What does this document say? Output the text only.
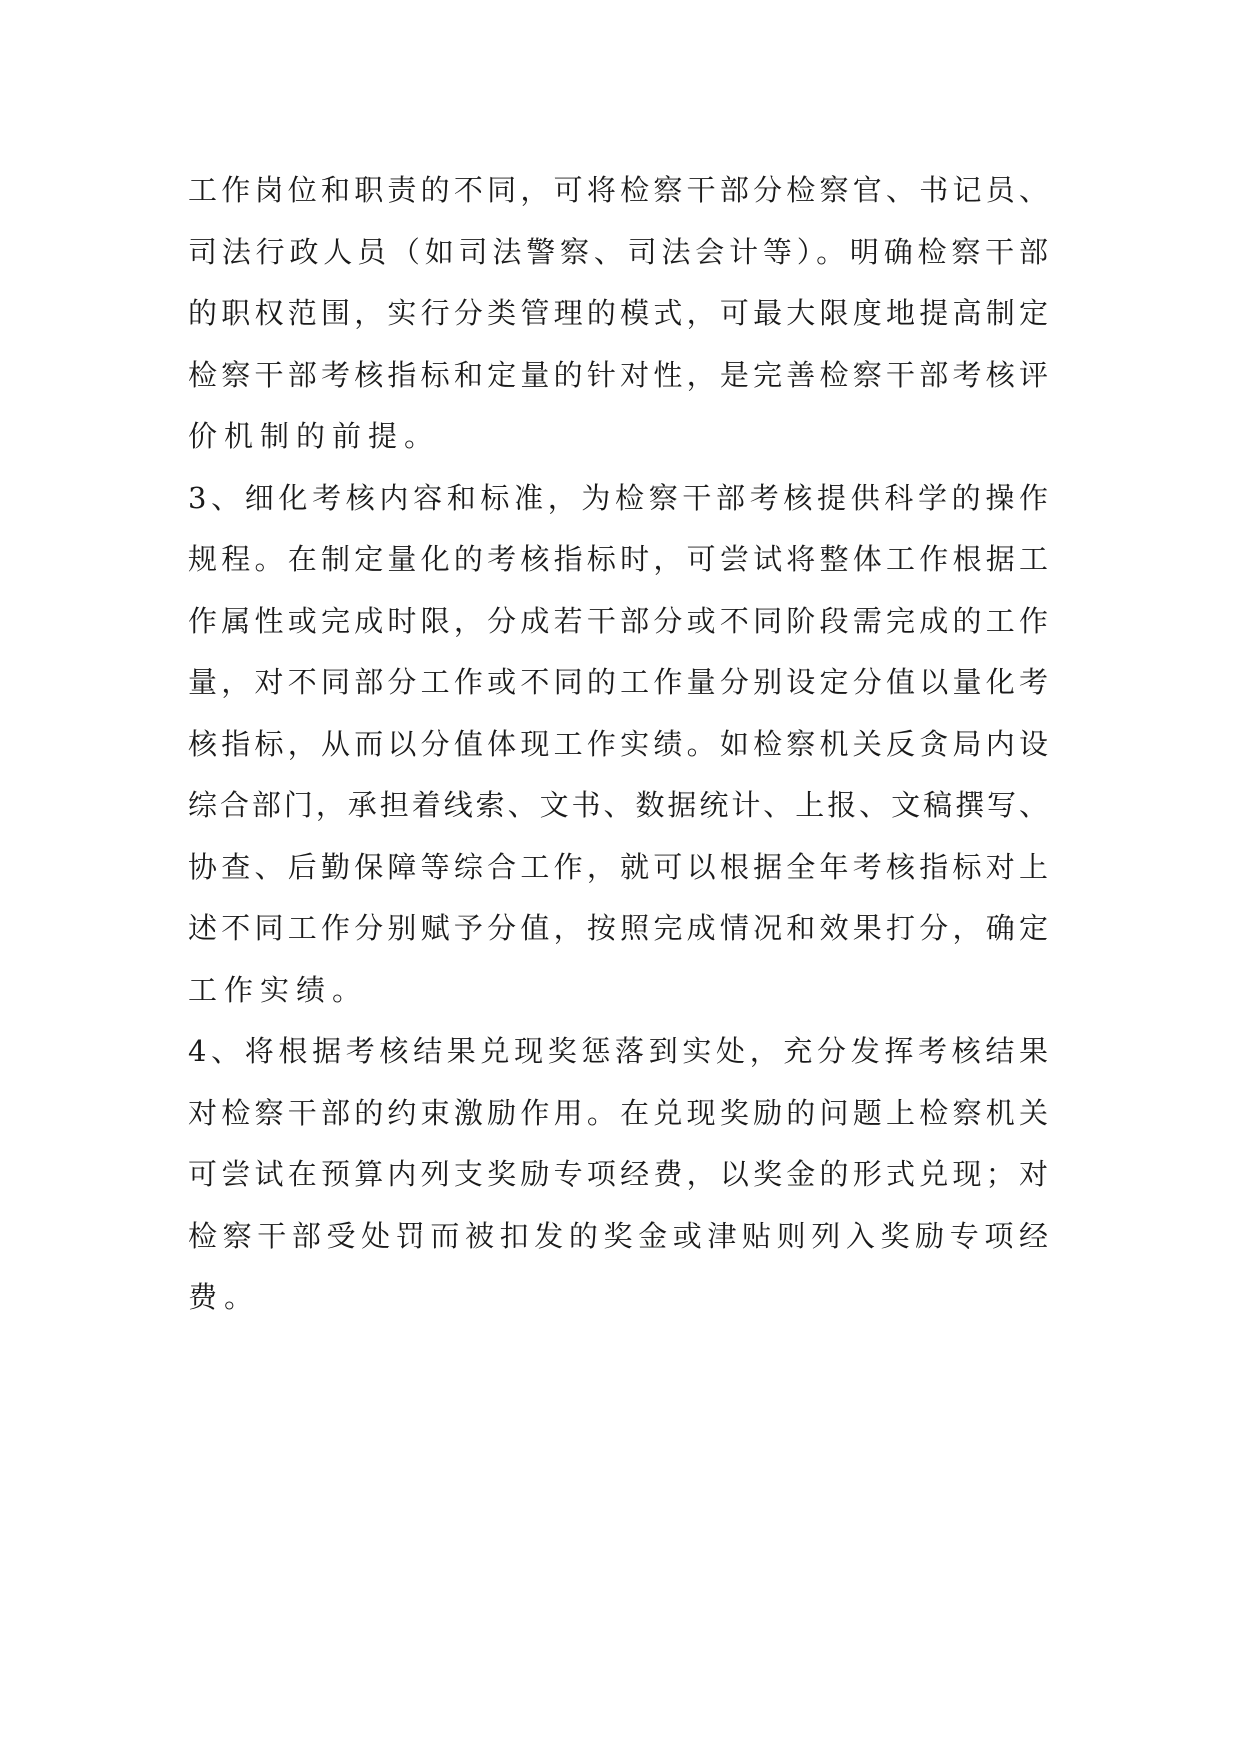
工作岗位和职责的不同，可将检察干部分检察官、书记员、
司法行政人员（如司法警察、司法会计等）。明确检察干部
的职权范围，实行分类管理的模式，可最大限度地提高制定
检察干部考核指标和定量的针对性，是完善检察干部考核评
价机制的前提。
3、细化考核内容和标准，为检察干部考核提供科学的操作
规程。在制定量化的考核指标时，可尝试将整体工作根据工
作属性或完成时限，分成若干部分或不同阶段需完成的工作
量，对不同部分工作或不同的工作量分别设定分值以量化考
核指标，从而以分值体现工作实绩。如检察机关反贪局内设
综合部门，承担着线索、文书、数据统计、上报、文稿撰写、
协查、后勤保障等综合工作，就可以根据全年考核指标对上
述不同工作分别赋予分值，按照完成情况和效果打分，确定
工作实绩。
4、将根据考核结果兑现奖惩落到实处，充分发挥考核结果
对检察干部的约束激励作用。在兑现奖励的问题上检察机关
可尝试在预算内列支奖励专项经费，以奖金的形式兑现；对
检察干部受处罚而被扣发的奖金或津贴则列入奖励专项经
费。
